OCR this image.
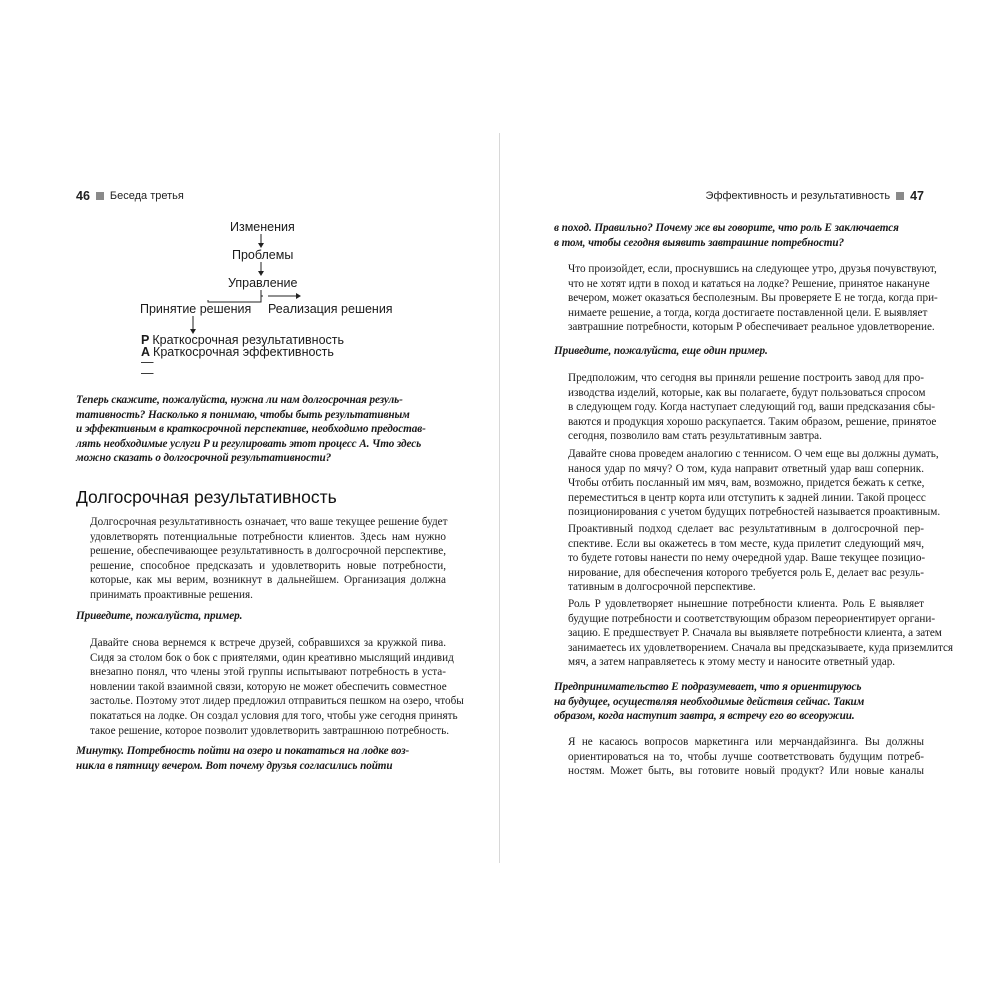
46 Беседа третья
Изменения
Проблемы
Управление
Принятие решения Реализация решения
P Краткосрочная результативность
A Краткосрочная эффективность
—
—
Теперь скажите, пожалуйста, нужна ли нам долгосрочная резуль-
тативность? Насколько я понимаю, чтобы быть результативным
и эффективным в краткосрочной перспективе, необходимо предостав-
лять необходимые услуги P и регулировать этот процесс A. Что здесь
можно сказать о долгосрочной результативности?
Долгосрочная результативность
Долгосрочная результативность означает, что ваше текущее решение будет
удовлетворять потенциальные потребности клиентов. Здесь нам нужно
решение, обеспечивающее результативность в долгосрочной перспективе,
решение, способное предсказать и удовлетворить новые потребности,
которые, как мы верим, возникнут в дальнейшем. Организация должна
принимать проактивные решения.
Приведите, пожалуйста, пример.
Давайте снова вернемся к встрече друзей, собравшихся за кружкой пива.
Сидя за столом бок о бок с приятелями, один креативно мыслящий индивид
внезапно понял, что члены этой группы испытывают потребность в уста-
новлении такой взаимной связи, которую не может обеспечить совместное
застолье. Поэтому этот лидер предложил отправиться пешком на озеро, чтобы
покататься на лодке. Он создал условия для того, чтобы уже сегодня принять
такое решение, которое позволит удовлетворить завтрашнюю потребность.
Минутку. Потребность пойти на озеро и покататься на лодке воз-
никла в пятницу вечером. Вот почему друзья согласились пойти
Эффективность и результативность 47
в поход. Правильно? Почему же вы говорите, что роль E заключается
в том, чтобы сегодня выявить завтрашние потребности?
Что произойдет, если, проснувшись на следующее утро, друзья почувствуют,
что не хотят идти в поход и кататься на лодке? Решение, принятое накануне
вечером, может оказаться бесполезным. Вы проверяете E не тогда, когда при-
нимаете решение, а тогда, когда достигаете поставленной цели. E выявляет
завтрашние потребности, которым P обеспечивает реальное удовлетворение.
Приведите, пожалуйста, еще один пример.
Предположим, что сегодня вы приняли решение построить завод для про-
изводства изделий, которые, как вы полагаете, будут пользоваться спросом
в следующем году. Когда наступает следующий год, ваши предсказания сбы-
ваются и продукция хорошо раскупается. Таким образом, решение, принятое
сегодня, позволило вам стать результативным завтра.
Давайте снова проведем аналогию с теннисом. О чем еще вы должны думать,
нанося удар по мячу? О том, куда направит ответный удар ваш соперник.
Чтобы отбить посланный им мяч, вам, возможно, придется бежать к сетке,
переместиться в центр корта или отступить к задней линии. Такой процесс
позиционирования с учетом будущих потребностей называется проактивным.
Проактивный подход сделает вас результативным в долгосрочной пер-
спективе. Если вы окажетесь в том месте, куда прилетит следующий мяч,
то будете готовы нанести по нему очередной удар. Ваше текущее позицио-
нирование, для обеспечения которого требуется роль E, делает вас резуль-
тативным в долгосрочной перспективе.
Роль P удовлетворяет нынешние потребности клиента. Роль E выявляет
будущие потребности и соответствующим образом переориентирует органи-
зацию. E предшествует P. Сначала вы выявляете потребности клиента, а затем
занимаетесь их удовлетворением. Сначала вы предсказываете, куда приземлится
мяч, а затем направляетесь к этому месту и наносите ответный удар.
Предпринимательство E подразумевает, что я ориентируюсь
на будущее, осуществляя необходимые действия сейчас. Таким
образом, когда наступит завтра, я встречу его во всеоружии.
Я не касаюсь вопросов маркетинга или мерчандайзинга. Вы должны
ориентироваться на то, чтобы лучше соответствовать будущим потреб-
ностям. Может быть, вы готовите новый продукт? Или новые каналы
